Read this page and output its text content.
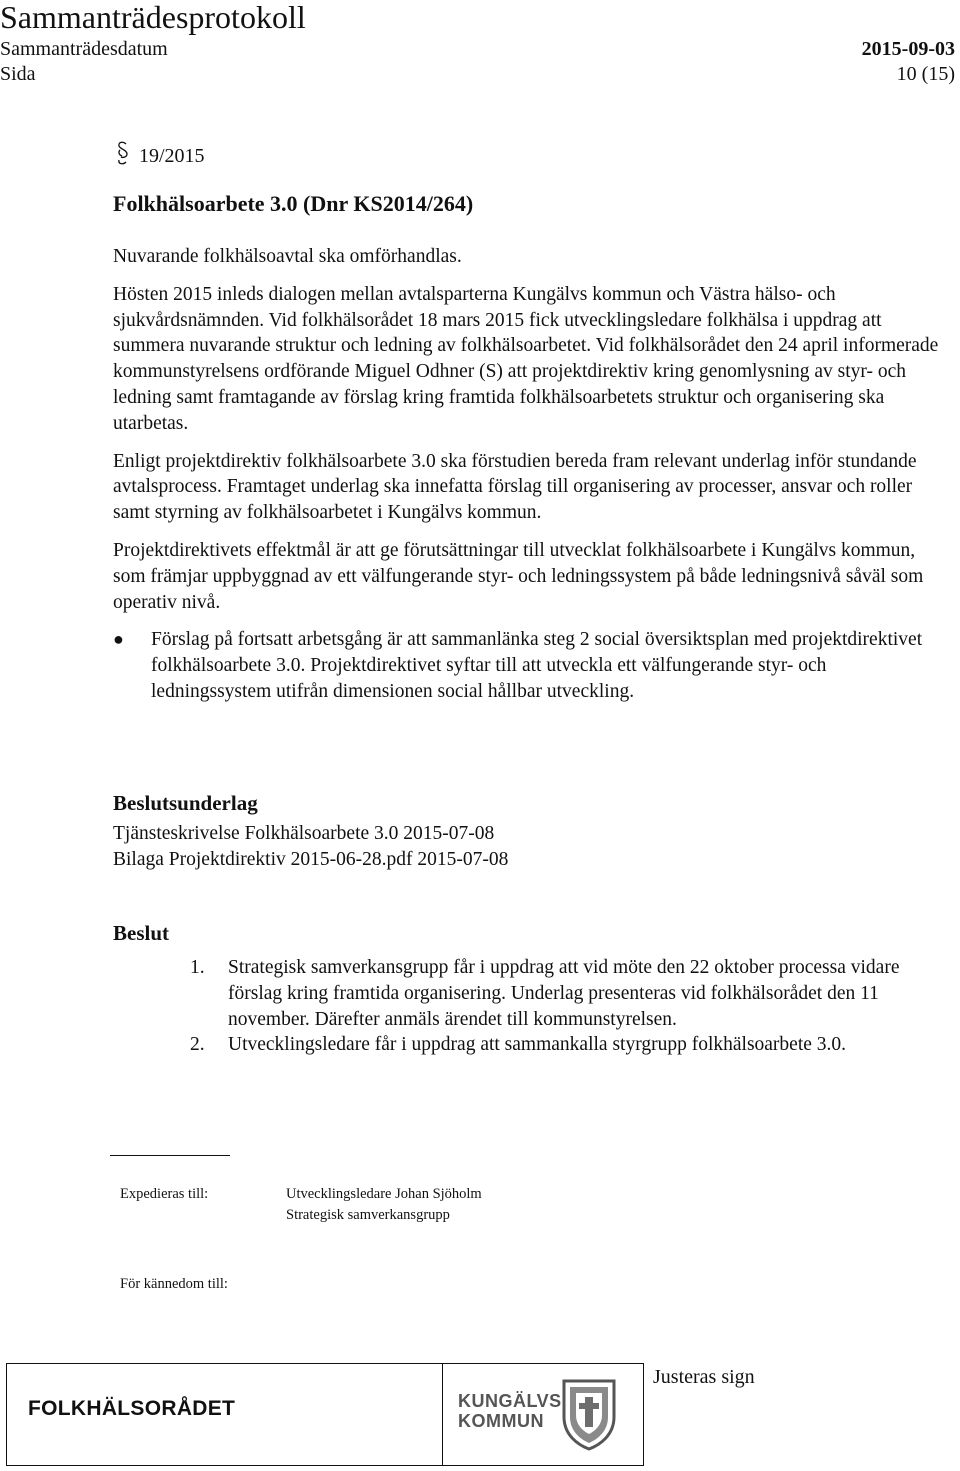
Sammanträdesprotokoll
Sammanträdesdatum	2015-09-03
Sida	10 (15)
19/2015
Folkhälsoarbete 3.0 (Dnr KS2014/264)

Nuvarande folkhälsoavtal ska omförhandlas.

Hösten 2015 inleds dialogen mellan avtalsparterna Kungälvs kommun och Västra hälso- och sjukvårdsnämnden. Vid folkhälsorådet 18 mars 2015 fick utvecklingsledare folkhälsa i uppdrag att summera nuvarande struktur och ledning av folkhälsoarbetet. Vid folkhälsorådet den 24 april informerade kommunstyrelsens ordförande Miguel Odhner (S) att projektdirektiv kring genomlysning av styr- och ledning samt framtagande av förslag kring framtida folkhälsoarbetets struktur och organisering ska utarbetas.

Enligt projektdirektiv folkhälsoarbete 3.0 ska förstudien bereda fram relevant underlag inför stundande avtalsprocess. Framtaget underlag ska innefatta förslag till organisering av processer, ansvar och roller samt styrning av folkhälsoarbetet i Kungälvs kommun.

Projektdirektivets effektmål är att ge förutsättningar till utvecklat folkhälsoarbete i Kungälvs kommun, som främjar uppbyggnad av ett välfungerande styr- och ledningssystem på både ledningsnivå såväl som operativ nivå.

● Förslag på fortsatt arbetsgång är att sammanlänka steg 2 social översiktsplan med projektdirektivet folkhälsoarbete 3.0. Projektdirektivet syftar till att utveckla ett välfungerande styr- och ledningssystem utifrån dimensionen social hållbar utveckling.
Beslutsunderlag
Tjänsteskrivelse Folkhälsoarbete 3.0 2015-07-08
Bilaga Projektdirektiv 2015-06-28.pdf 2015-07-08
Beslut
1. Strategisk samverkansgrupp får i uppdrag att vid möte den 22 oktober processa vidare förslag kring framtida organisering. Underlag presenteras vid folkhälsorådet den 11 november. Därefter anmäls ärendet till kommunstyrelsen.
2. Utvecklingsledare får i uppdrag att sammankalla styrgrupp folkhälsoarbete 3.0.
Expedieras till:	Utvecklingsledare Johan Sjöholm
Strategisk samverkansgrupp
För kännedom till:
FOLKHÄLSORÅDET	KUNGÄLVS
KOMMUN
Justeras sign
